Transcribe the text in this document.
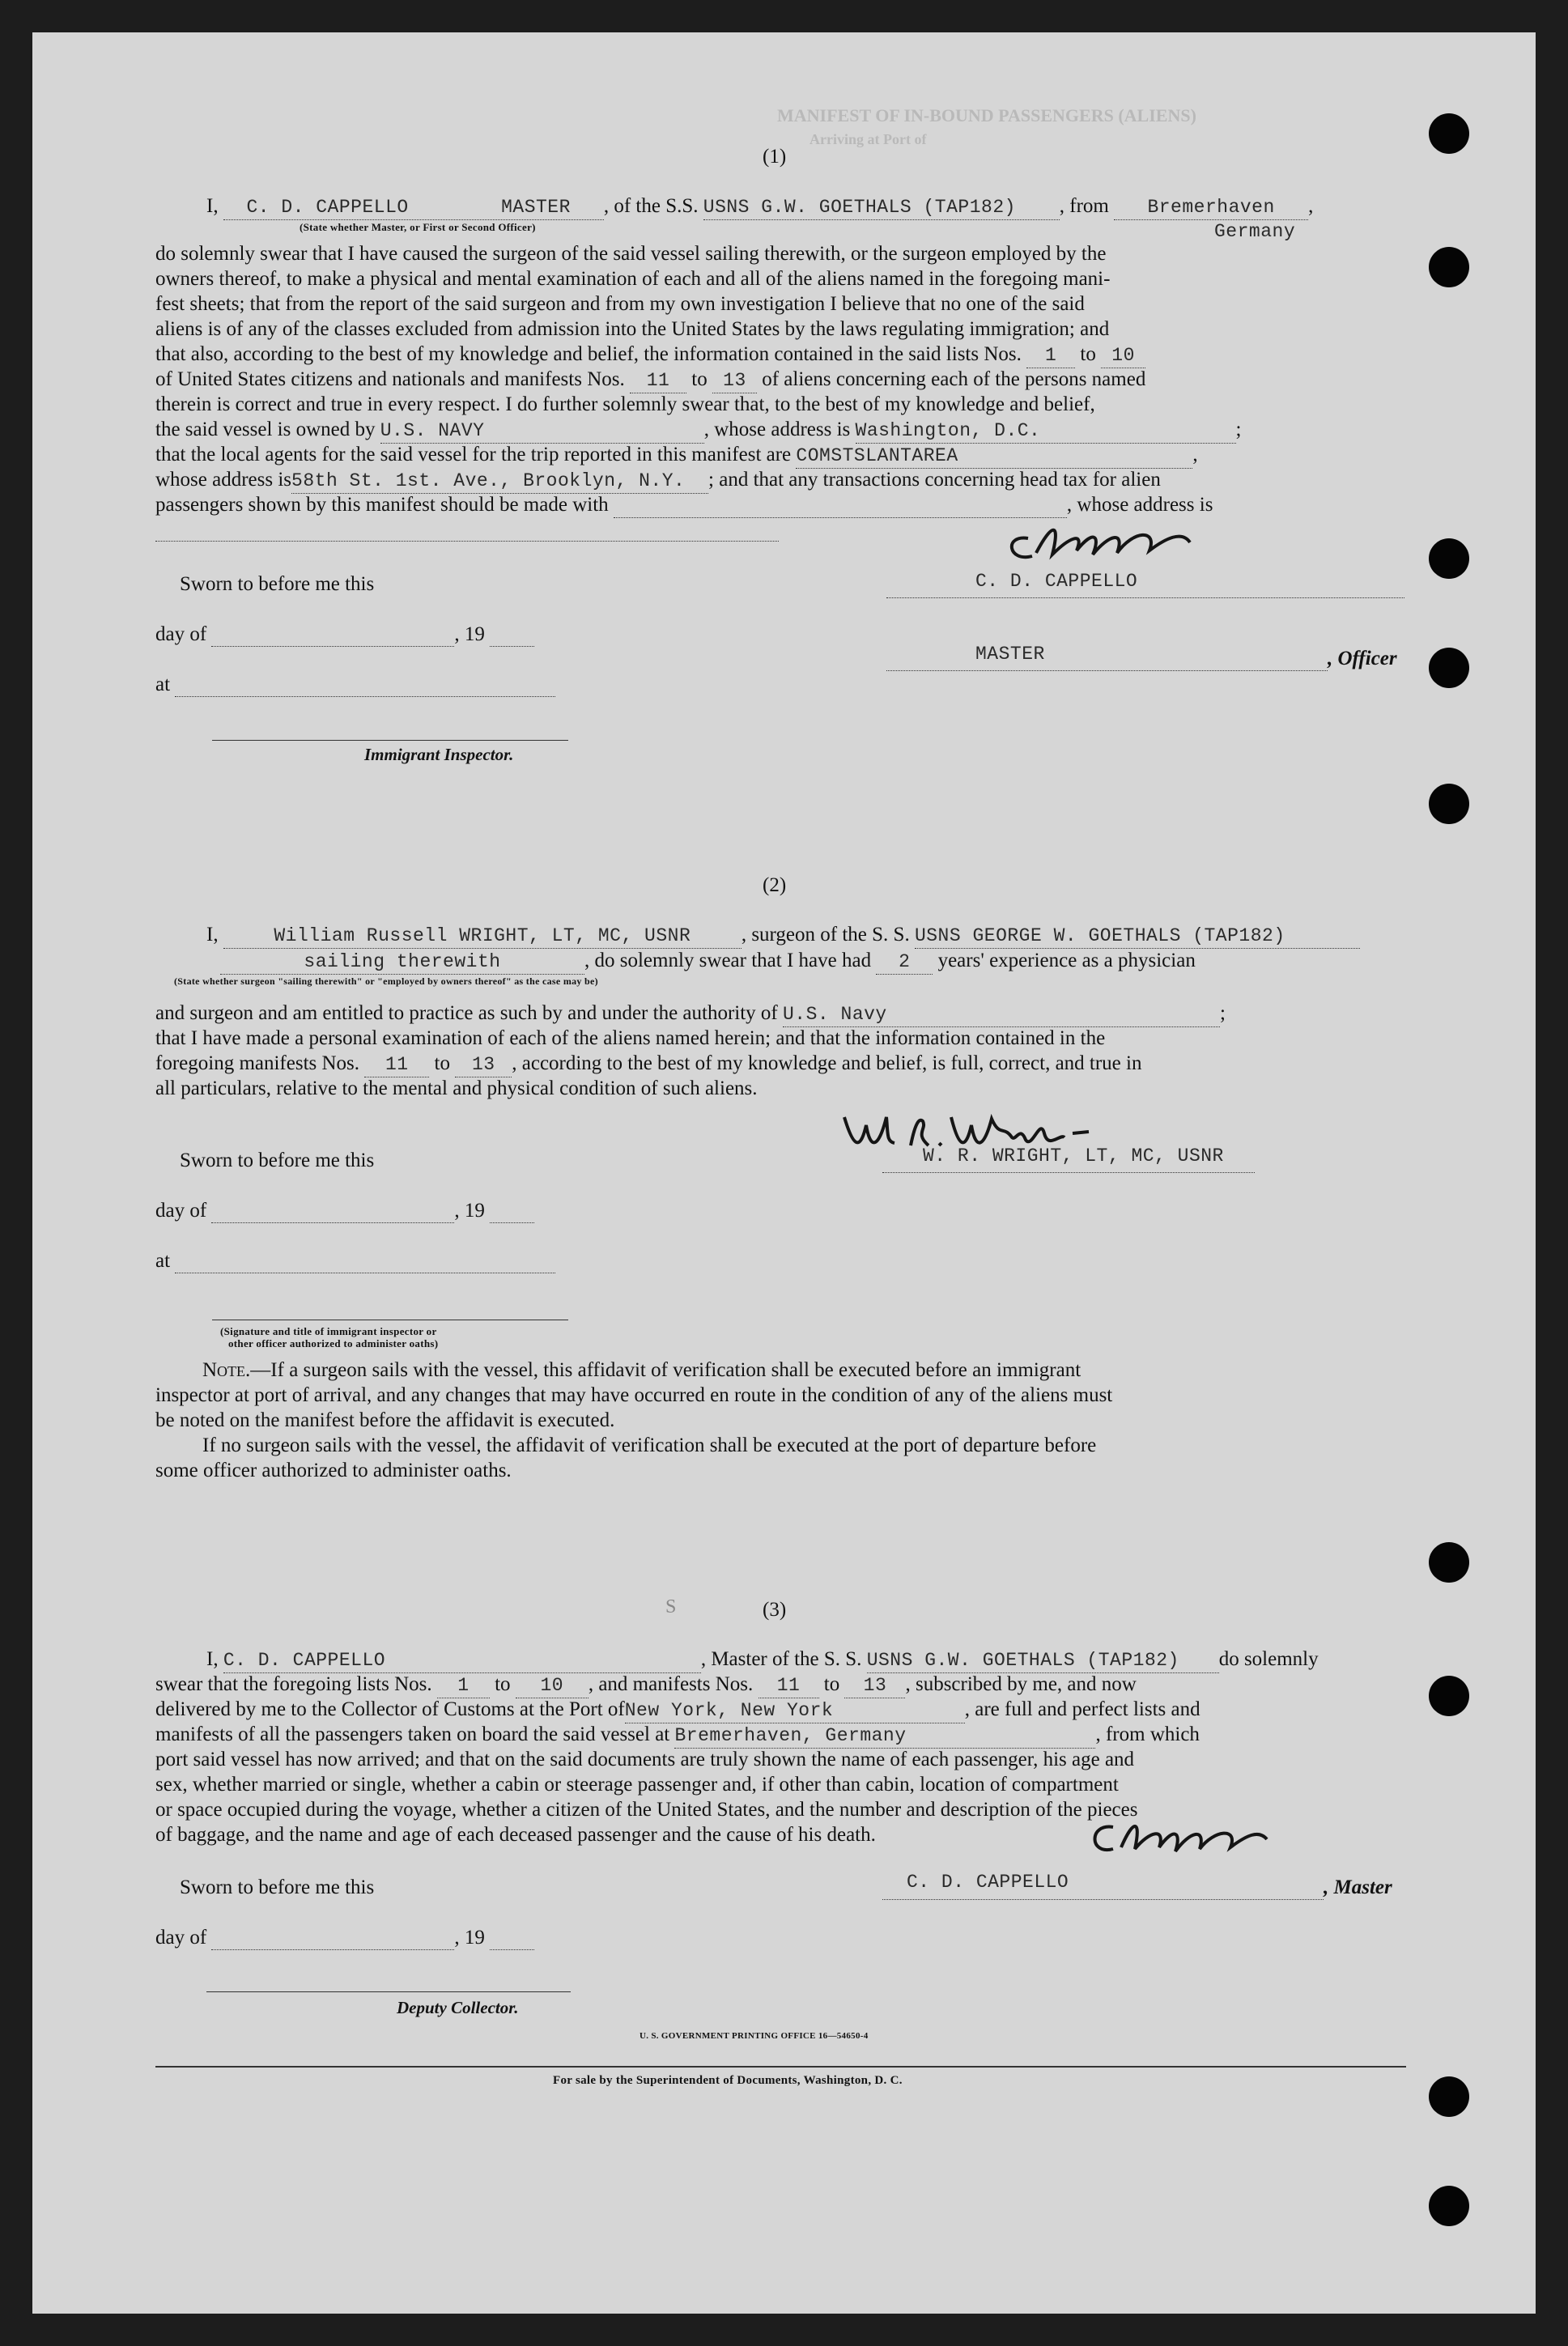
MANIFEST OF IN-BOUND PASSENGERS (ALIENS)
Arriving at Port of
(1)
I, C. D. CAPPELLO	MASTER , of the S.S. USNS G.W. GOETHALS (TAP182) , from Bremerhaven ,
(State whether Master, or First or Second Officer)	Germany
do solemnly swear that I have caused the surgeon of the said vessel sailing therewith, or the surgeon employed by the
owners thereof, to make a physical and mental examination of each and all of the aliens named in the foregoing mani-
fest sheets; that from the report of the said surgeon and from my own investigation I believe that no one of the said
aliens is of any of the classes excluded from admission into the United States by the laws regulating immigration; and
that also, according to the best of my knowledge and belief, the information contained in the said lists Nos. 1 to 10
of United States citizens and nationals and manifests Nos. 11 to 13 of aliens concerning each of the persons named
therein is correct and true in every respect. I do further solemnly swear that, to the best of my knowledge and belief,
the said vessel is owned by U.S. NAVY	, whose address is Washington, D.C.	;
that the local agents for the said vessel for the trip reported in this manifest are COMSTSLANTAREA	,
whose address is58th St. 1st. Ave., Brooklyn, N.Y. ; and that any transactions concerning head tax for alien
passengers shown by this manifest should be made with	, whose address is
Sworn to before me this	C. D. CAPPELLO
day of	, 19
MASTER	, Officer
at
Immigrant Inspector.
(2)
I,	William Russell WRIGHT, LT, MC, USNR	, surgeon of the S. S. USNS GEORGE W. GOETHALS (TAP182)
sailing therewith	, do solemnly swear that I have had 2 years' experience as a physician
(State whether surgeon "sailing therewith" or "employed by owners thereof" as the case may be)
and surgeon and am entitled to practice as such by and under the authority of U.S. Navy	;
that I have made a personal examination of each of the aliens named herein; and that the information contained in the
foregoing manifests Nos. 11 to 13 , according to the best of my knowledge and belief, is full, correct, and true in
all particulars, relative to the mental and physical condition of such aliens.
Sworn to before me this	W. R. WRIGHT, LT, MC, USNR
day of	, 19
at
(Signature and title of immigrant inspector or
other officer authorized to administer oaths)
Note.—If a surgeon sails with the vessel, this affidavit of verification shall be executed before an immigrant
inspector at port of arrival, and any changes that may have occurred en route in the condition of any of the aliens must
be noted on the manifest before the affidavit is executed.
If no surgeon sails with the vessel, the affidavit of verification shall be executed at the port of departure before
some officer authorized to administer oaths.
S	(3)
I, C. D. CAPPELLO	, Master of the S. S. USNS G.W. GOETHALS (TAP182) do solemnly
swear that the foregoing lists Nos. 1 to 10 , and manifests Nos. 11 to 13 , subscribed by me, and now
delivered by me to the Collector of Customs at the Port ofNew York, New York	, are full and perfect lists and
manifests of all the passengers taken on board the said vessel at Bremerhaven, Germany	, from which
port said vessel has now arrived; and that on the said documents are truly shown the name of each passenger, his age and
sex, whether married or single, whether a cabin or steerage passenger and, if other than cabin, location of compartment
or space occupied during the voyage, whether a citizen of the United States, and the number and description of the pieces
of baggage, and the name and age of each deceased passenger and the cause of his death.
Sworn to before me this	C. D. CAPPELLO	, Master
day of	, 19
Deputy Collector.
U. S. GOVERNMENT PRINTING OFFICE 16—54650-4
For sale by the Superintendent of Documents, Washington, D. C.
